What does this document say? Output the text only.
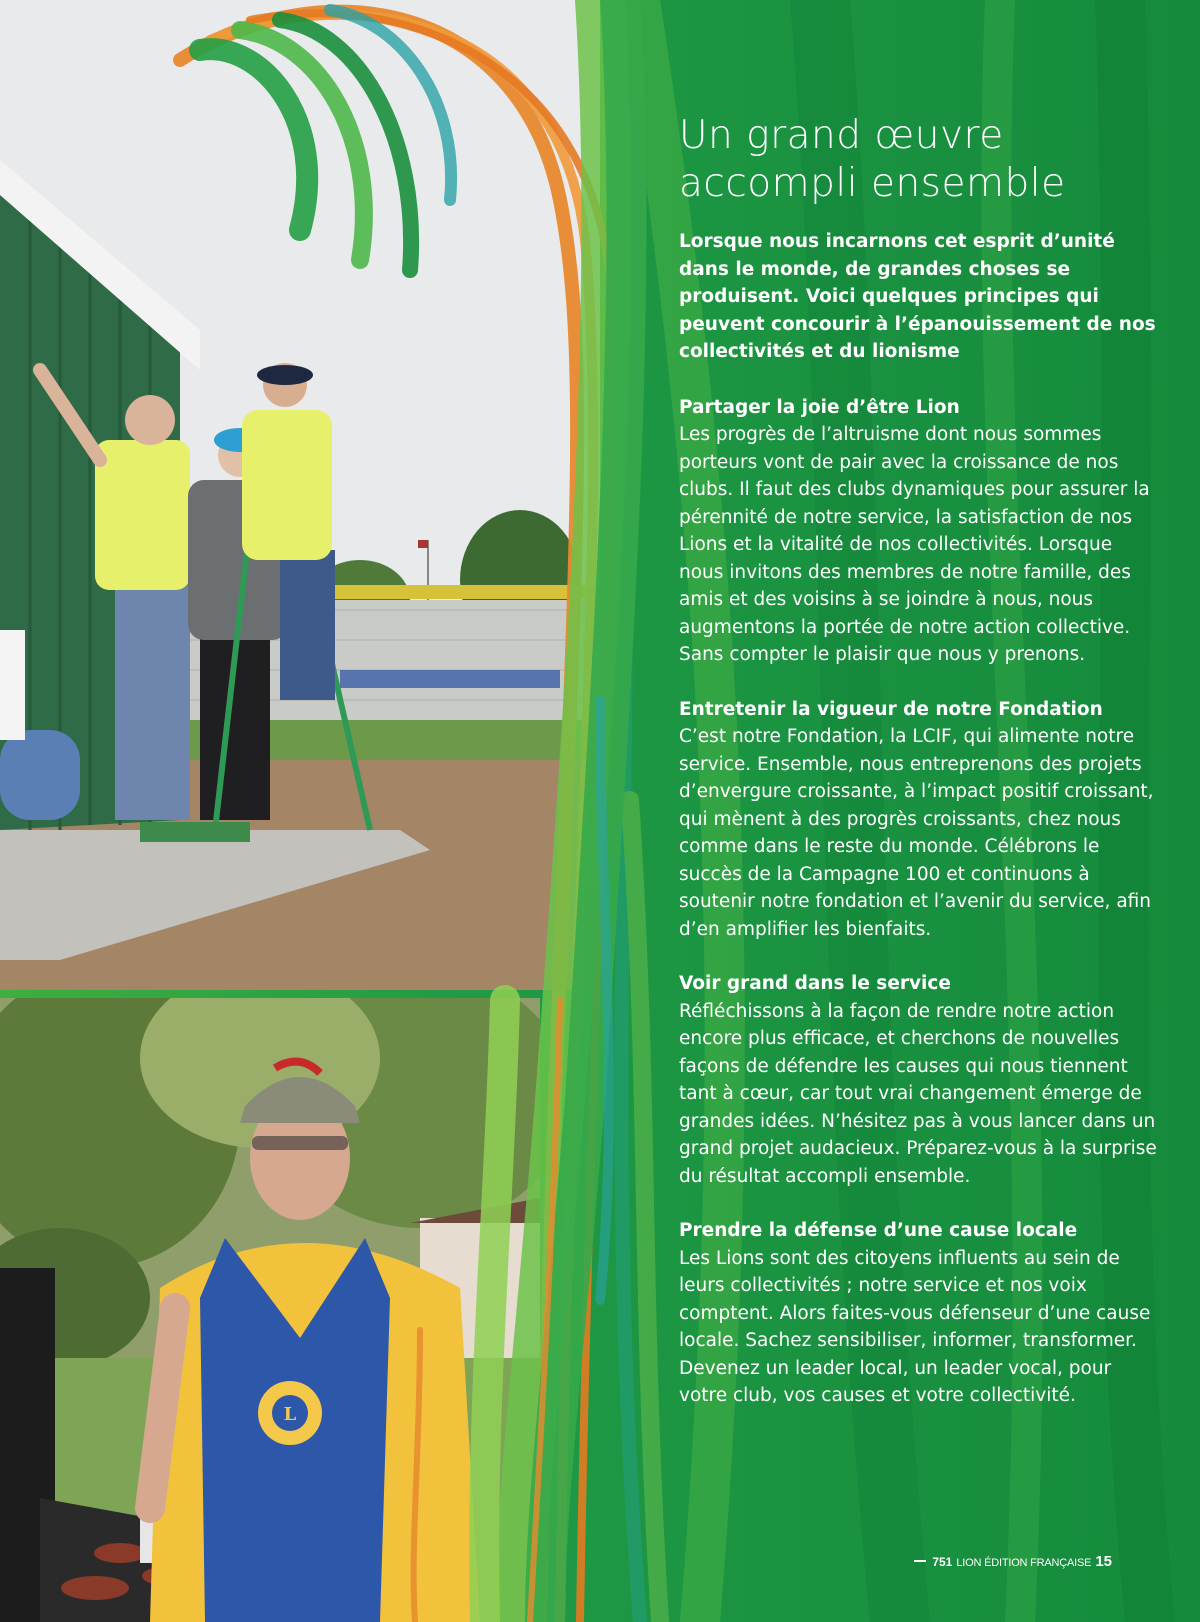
L
Un grand œuvre
accompli ensemble

Lorsque nous incarnons cet esprit d’unité dans le monde, de grandes choses se produisent. Voici quelques principes qui peuvent concourir à l’épanouissement de nos collectivités et du lionisme

Partager la joie d’être Lion

Les progrès de l’altruisme dont nous sommes porteurs vont de pair avec la croissance de nos clubs. Il faut des clubs dynamiques pour assurer la pérennité de notre service, la satisfaction de nos Lions et la vitalité de nos collectivités. Lorsque nous invitons des membres de notre famille, des amis et des voisins à se joindre à nous, nous augmentons la portée de notre action collective. Sans compter le plaisir que nous y prenons.

Entretenir la vigueur de notre Fondation

C’est notre Fondation, la LCIF, qui alimente notre service. Ensemble, nous entreprenons des projets d’envergure croissante, à l’impact positif croissant, qui mènent à des progrès croissants, chez nous comme dans le reste du monde. Célébrons le succès de la Campagne 100 et continuons à soutenir notre fondation et l’avenir du service, afin d’en amplifier les bienfaits.

Voir grand dans le service

Réfléchissons à la façon de rendre notre action encore plus efficace, et cherchons de nouvelles façons de défendre les causes qui nous tiennent tant à cœur, car tout vrai changement émerge de grandes idées. N’hésitez pas à vous lancer dans un grand projet audacieux. Préparez-vous à la surprise du résultat accompli ensemble.

Prendre la défense d’une cause locale

Les Lions sont des citoyens influents au sein de leurs collectivités ; notre service et nos voix comptent. Alors faites-vous défenseur d’une cause locale. Sachez sensibiliser, informer, transformer. Devenez un leader local, un leader vocal, pour votre club, vos causes et votre collectivité.

751 LION ÉDITION FRANÇAISE 15
